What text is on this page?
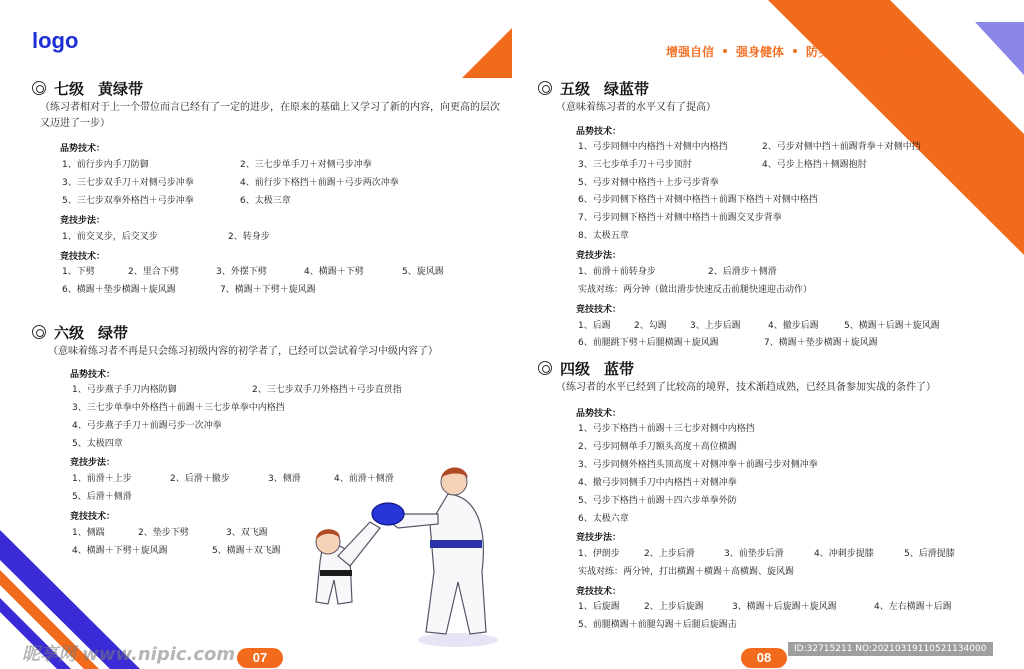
logo	增强自信 强身健体 防身自卫 磨炼意志
七级 黄绿带
（练习者相对于上一个带位而言已经有了一定的进步，在原来的基础上又学习了新的内容，向更高的层次又迈进了一步）
品势技术：
1、前行步内手刀防御	2、三七步单手刀＋对侧弓步冲拳
3、三七步双手刀＋对侧弓步冲拳	4、前行步下格挡＋前踢＋弓步两次冲拳
5、三七步双拳外格挡＋弓步冲拳	6、太极三章
竞技步法：
1、前交叉步，后交叉步	2、转身步
竞技技术：
1、下劈	2、里合下劈	3、外摆下劈	4、横踢＋下劈	5、旋风踢
6、横踢＋垫步横踢＋旋风踢	7、横踢＋下劈＋旋风踢
六级 绿带
（意味着练习者不再是只会练习初级内容的初学者了，已经可以尝试着学习中级内容了）
品势技术：
1、弓步燕子手刀内格防御	2、三七步双手刀外格挡＋弓步直贯指
3、三七步单拳中外格挡＋前踢＋三七步单拳中内格挡
4、弓步燕子手刀＋前踢弓步一次冲拳
5、太极四章
竞技步法：
1、前滑＋上步	2、后滑＋撤步	3、侧滑	4、前滑＋侧滑
5、后滑＋侧滑
竞技技术：
1、侧踹	2、垫步下劈	3、双飞踢
4、横踢＋下劈＋旋风踢	5、横踢＋双飞踢
昵享网 www.nipic.com	07
五级 绿蓝带
（意味着练习者的水平又有了提高）
品势技术：
1、弓步同侧中内格挡＋对侧中内格挡	2、弓步对侧中挡＋前踢背拳＋对侧中挡
3、三七步单手刀＋弓步顶肘	4、弓步上格挡＋侧踢抱肘
5、弓步对侧中格挡＋上步弓步背拳
6、弓步同侧下格挡＋对侧中格挡＋前踢下格挡＋对侧中格挡
7、弓步同侧下格挡＋对侧中格挡＋前踢交叉步背拳
8、太极五章
竞技步法：
1、前滑＋前转身步	2、后滑步＋侧滑
实战对练：两分钟（做出滑步快速反击前腿快速迎击动作）
竞技技术：
1、后踢	2、勾踢	3、上步后踢	4、撤步后踢	5、横踢＋后踢＋旋风踢
6、前腿跳下劈＋后腿横踢＋旋风踢	7、横踢＋垫步横踢＋旋风踢
四级 蓝带
（练习者的水平已经到了比较高的境界，技术渐趋成熟，已经具备参加实战的条件了）
品势技术：
1、弓步下格挡＋前踢＋三七步对侧中内格挡
2、弓步同侧单手刀额头高度＋高位横踢
3、弓步同侧外格挡头顶高度＋对侧冲拳＋前踢弓步对侧冲拳
4、撤弓步同侧手刀中内格挡＋对侧冲拳
5、弓步下格挡＋前踢＋四六步单拳外防
6、太极六章
竞技步法：
1、伊朗步	2、上步后滑	3、前垫步后滑	4、冲刺步提膝	5、后滑提膝
实战对练：两分钟，打出横踢＋横踢＋高横踢、旋风踢
竞技技术：
1、后旋踢	2、上步后旋踢	3、横踢＋后旋踢＋旋风踢	4、左右横踢＋后踢
5、前腿横踢＋前腿勾踢＋后腿后旋踢击
08
ID:32715211 NO:20210319110521134000
